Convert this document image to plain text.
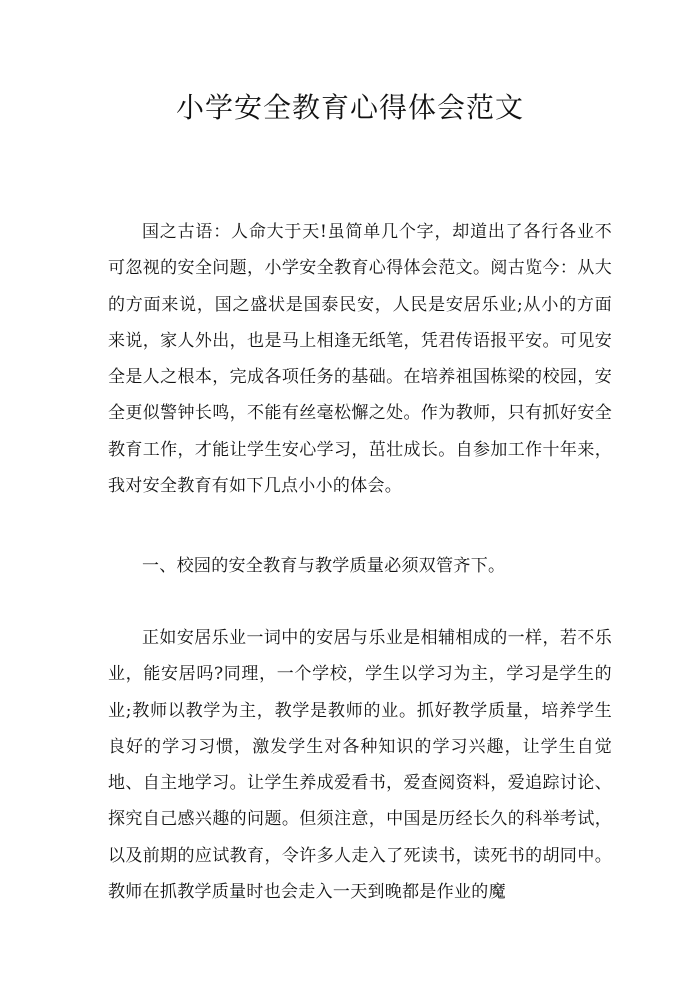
小学安全教育心得体会范文

国之古语：人命大于天!虽简单几个字，却道出了各行各业不可忽视的安全问题，小学安全教育心得体会范文。阅古览今：从大的方面来说，国之盛状是国泰民安，人民是安居乐业;从小的方面来说，家人外出，也是马上相逢无纸笔，凭君传语报平安。可见安全是人之根本，完成各项任务的基础。在培养祖国栋梁的校园，安全更似警钟长鸣，不能有丝毫松懈之处。作为教师，只有抓好安全教育工作，才能让学生安心学习，茁壮成长。自参加工作十年来，我对安全教育有如下几点小小的体会。

一、校园的安全教育与教学质量必须双管齐下。

正如安居乐业一词中的安居与乐业是相辅相成的一样，若不乐业，能安居吗?同理，一个学校，学生以学习为主，学习是学生的业;教师以教学为主，教学是教师的业。抓好教学质量，培养学生良好的学习习惯，激发学生对各种知识的学习兴趣，让学生自觉地、自主地学习。让学生养成爱看书，爱查阅资料，爱追踪讨论、探究自己感兴趣的问题。但须注意，中国是历经长久的科举考试，以及前期的应试教育，令许多人走入了死读书，读死书的胡同中。教师在抓教学质量时也会走入一天到晚都是作业的魔
